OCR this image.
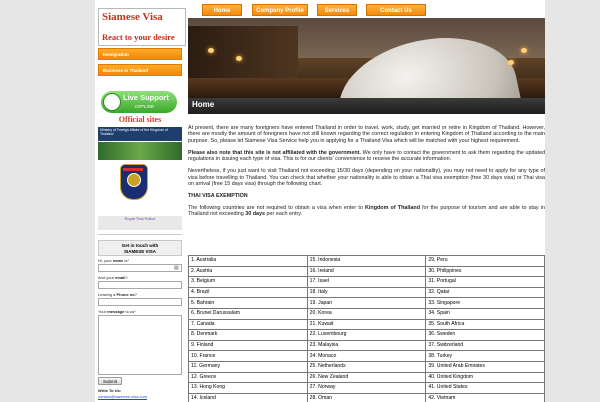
Siamese Visa
React to your desire
Immigration
Business in Thailand
Live Support
OFFLINE
Official sites
Ministry of Foreign Affairs of the Kingdom of Thailand
Royal Thai Police
Get in touch with
SIAMESE VISA
Hi, your name is*
▤
And your email?
Leaving a Phone no?
Your message to us*
Submit
Write To Us:
contact@siamese-visa.com
Home	Company Profile	Services	Contact Us
Home

At present, there are many foreigners have entered Thailand in order to travel, work, study, get married or retire in Kingdom of Thailand. However, there are mostly the amount of foreigners have not still known regarding the correct regulation in entering Kingdom of Thailand according to the main purpose. So, please let Siamese Visa Service help you in applying for a Thailand Visa which will be matched with your highest requirement.

Please also note that this site is not affiliated with the government. We only have to contact the government to ask them regarding the updated regulations in issuing each type of visa. This is for our clients' convenience to receive the accurate information.

Nevertheless, if you just want to visit Thailand not exceeding 15/30 days (depending on your nationality), you may not need to apply for any type of visa before travelling to Thailand. You can check that whether your nationality is able to obtain a Thai visa exemption (free 30 days visa) or Thai visa on arrival (free 15 days visa) through the following chart.

THAI VISA EXEMPTION

The following countries are not required to obtain a visa when enter to Kingdom of Thailand for the purpose of tourism and are able to stay in Thailand not exceeding 30 days per each entry.

1. Australia	15. Indonesia	29. Peru
2. Austria	16. Ireland	30. Philippines
3. Belgium	17. Isael	31. Portugal
4. Brazil	18. Italy	32. Qatar
5. Bahrain	19. Japan	33. Singapore
6. Brunei Darussalam	20. Korea	34. Spain
7. Canada	21. Kuwait	35. South Africa
8. Denmark	22. Luxembourg	36. Sweden
9. Finland	23. Malaysia	37. Switzerland
10. France	24. Monaco	38. Turkey
11. Germany	25. Netherlands	39. United Arab Emirates
12. Greece	26. New Zealand	40. United Kingdom
13. Hong Kong	27. Norway	41. United States
14. Iceland	28. Oman	42. Vietnam
